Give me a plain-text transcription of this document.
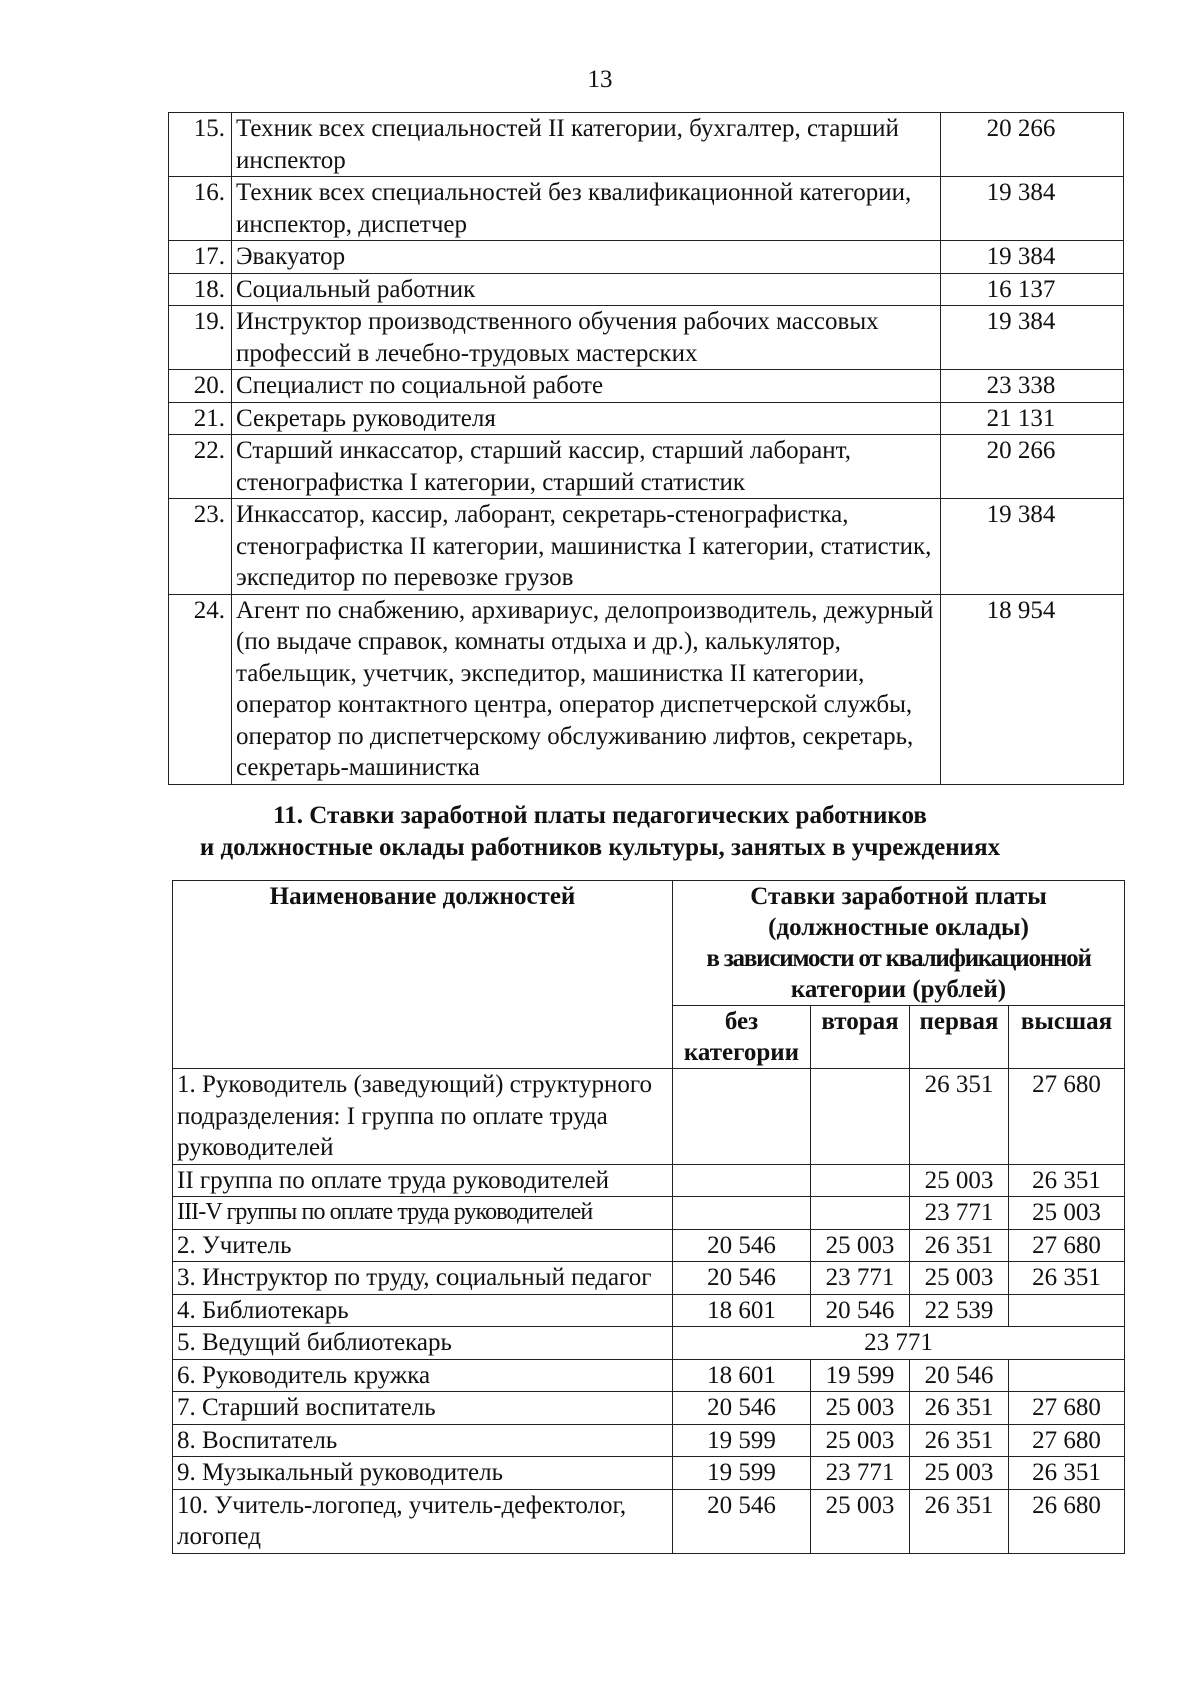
13
15.	Техник всех специальностей II категории, бухгалтер, старший инспектор	20 266
16.	Техник всех специальностей без квалификационной категории, инспектор, диспетчер	19 384
17.	Эвакуатор	19 384
18.	Социальный работник	16 137
19.	Инструктор производственного обучения рабочих массовых профессий в лечебно-трудовых мастерских	19 384
20.	Специалист по социальной работе	23 338
21.	Секретарь руководителя	21 131
22.	Старший инкассатор, старший кассир, старший лаборант, стенографистка I категории, старший статистик	20 266
23.	Инкассатор, кассир, лаборант, секретарь-стенографистка, стенографистка II категории, машинистка I категории, статистик, экспедитор по перевозке грузов	19 384
24.	Агент по снабжению, архивариус, делопроизводитель, дежурный (по выдаче справок, комнаты отдыха и др.), калькулятор, табельщик, учетчик, экспедитор, машинистка II категории, оператор контактного центра, оператор диспетчерской службы, оператор по диспетчерскому обслуживанию лифтов, секретарь, секретарь-машинистка	18 954
11. Ставки заработной платы педагогических работников
и должностные оклады работников культуры, занятых в учреждениях
Наименование должностей	Ставки заработной платы
(должностные оклады)
в зависимости от квалификационной
категории (рублей)			

	без категории	вторая	первая	высшая
1. Руководитель (заведующий) структурного подразделения: I группа по оплате труда руководителей			26 351	27 680
II группа по оплате труда руководителей			25 003	26 351
III-V группы по оплате труда руководителей			23 771	25 003
2. Учитель	20 546	25 003	26 351	27 680
3. Инструктор по труду, социальный педагог	20 546	23 771	25 003	26 351
4. Библиотекарь	18 601	20 546	22 539	
5. Ведущий библиотекарь	23 771			
6. Руководитель кружка	18 601	19 599	20 546	
7. Старший воспитатель	20 546	25 003	26 351	27 680
8. Воспитатель	19 599	25 003	26 351	27 680
9. Музыкальный руководитель	19 599	23 771	25 003	26 351
10. Учитель-логопед, учитель-дефектолог, логопед	20 546	25 003	26 351	26 680
